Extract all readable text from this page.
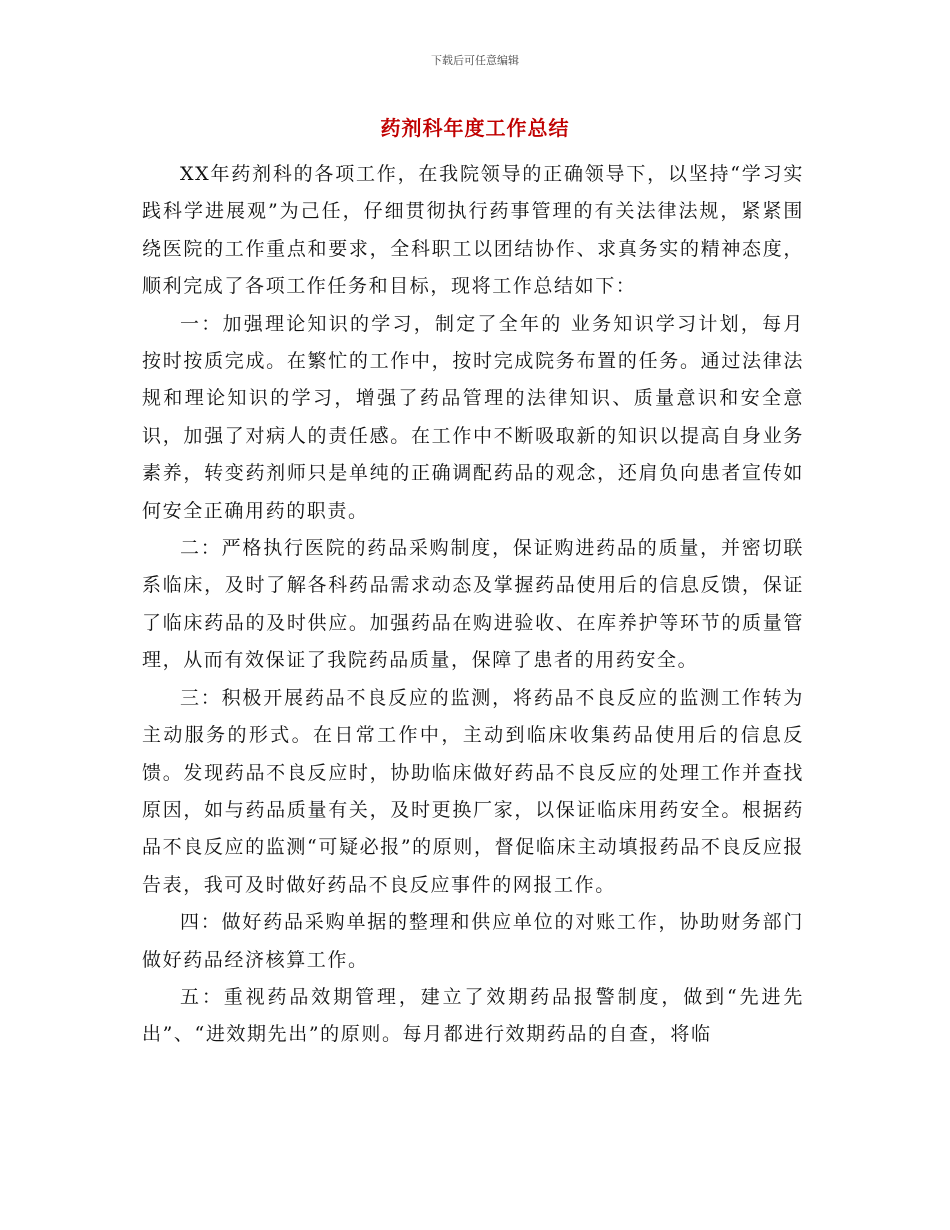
下载后可任意编辑
药剂科年度工作总结

XX年药剂科的各项工作，在我院领导的正确领导下，以坚持“学习实践科学进展观”为己任，仔细贯彻执行药事管理的有关法律法规，紧紧围绕医院的工作重点和要求，全科职工以团结协作、求真务实的精神态度，顺利完成了各项工作任务和目标，现将工作总结如下：

一：加强理论知识的学习，制定了全年的 业务知识学习计划，每月按时按质完成。在繁忙的工作中，按时完成院务布置的任务。通过法律法规和理论知识的学习，增强了药品管理的法律知识、质量意识和安全意识，加强了对病人的责任感。在工作中不断吸取新的知识以提高自身业务素养，转变药剂师只是单纯的正确调配药品的观念，还肩负向患者宣传如何安全正确用药的职责。

二：严格执行医院的药品采购制度，保证购进药品的质量，并密切联系临床，及时了解各科药品需求动态及掌握药品使用后的信息反馈，保证了临床药品的及时供应。加强药品在购进验收、在库养护等环节的质量管理，从而有效保证了我院药品质量，保障了患者的用药安全。

三：积极开展药品不良反应的监测，将药品不良反应的监测工作转为主动服务的形式。在日常工作中，主动到临床收集药品使用后的信息反馈。发现药品不良反应时，协助临床做好药品不良反应的处理工作并查找原因，如与药品质量有关，及时更换厂家，以保证临床用药安全。根据药品不良反应的监测“可疑必报”的原则，督促临床主动填报药品不良反应报告表，我可及时做好药品不良反应事件的网报工作。

四：做好药品采购单据的整理和供应单位的对账工作，协助财务部门做好药品经济核算工作。

五：重视药品效期管理，建立了效期药品报警制度，做到“先进先出”、“进效期先出”的原则。每月都进行效期药品的自查，将临
